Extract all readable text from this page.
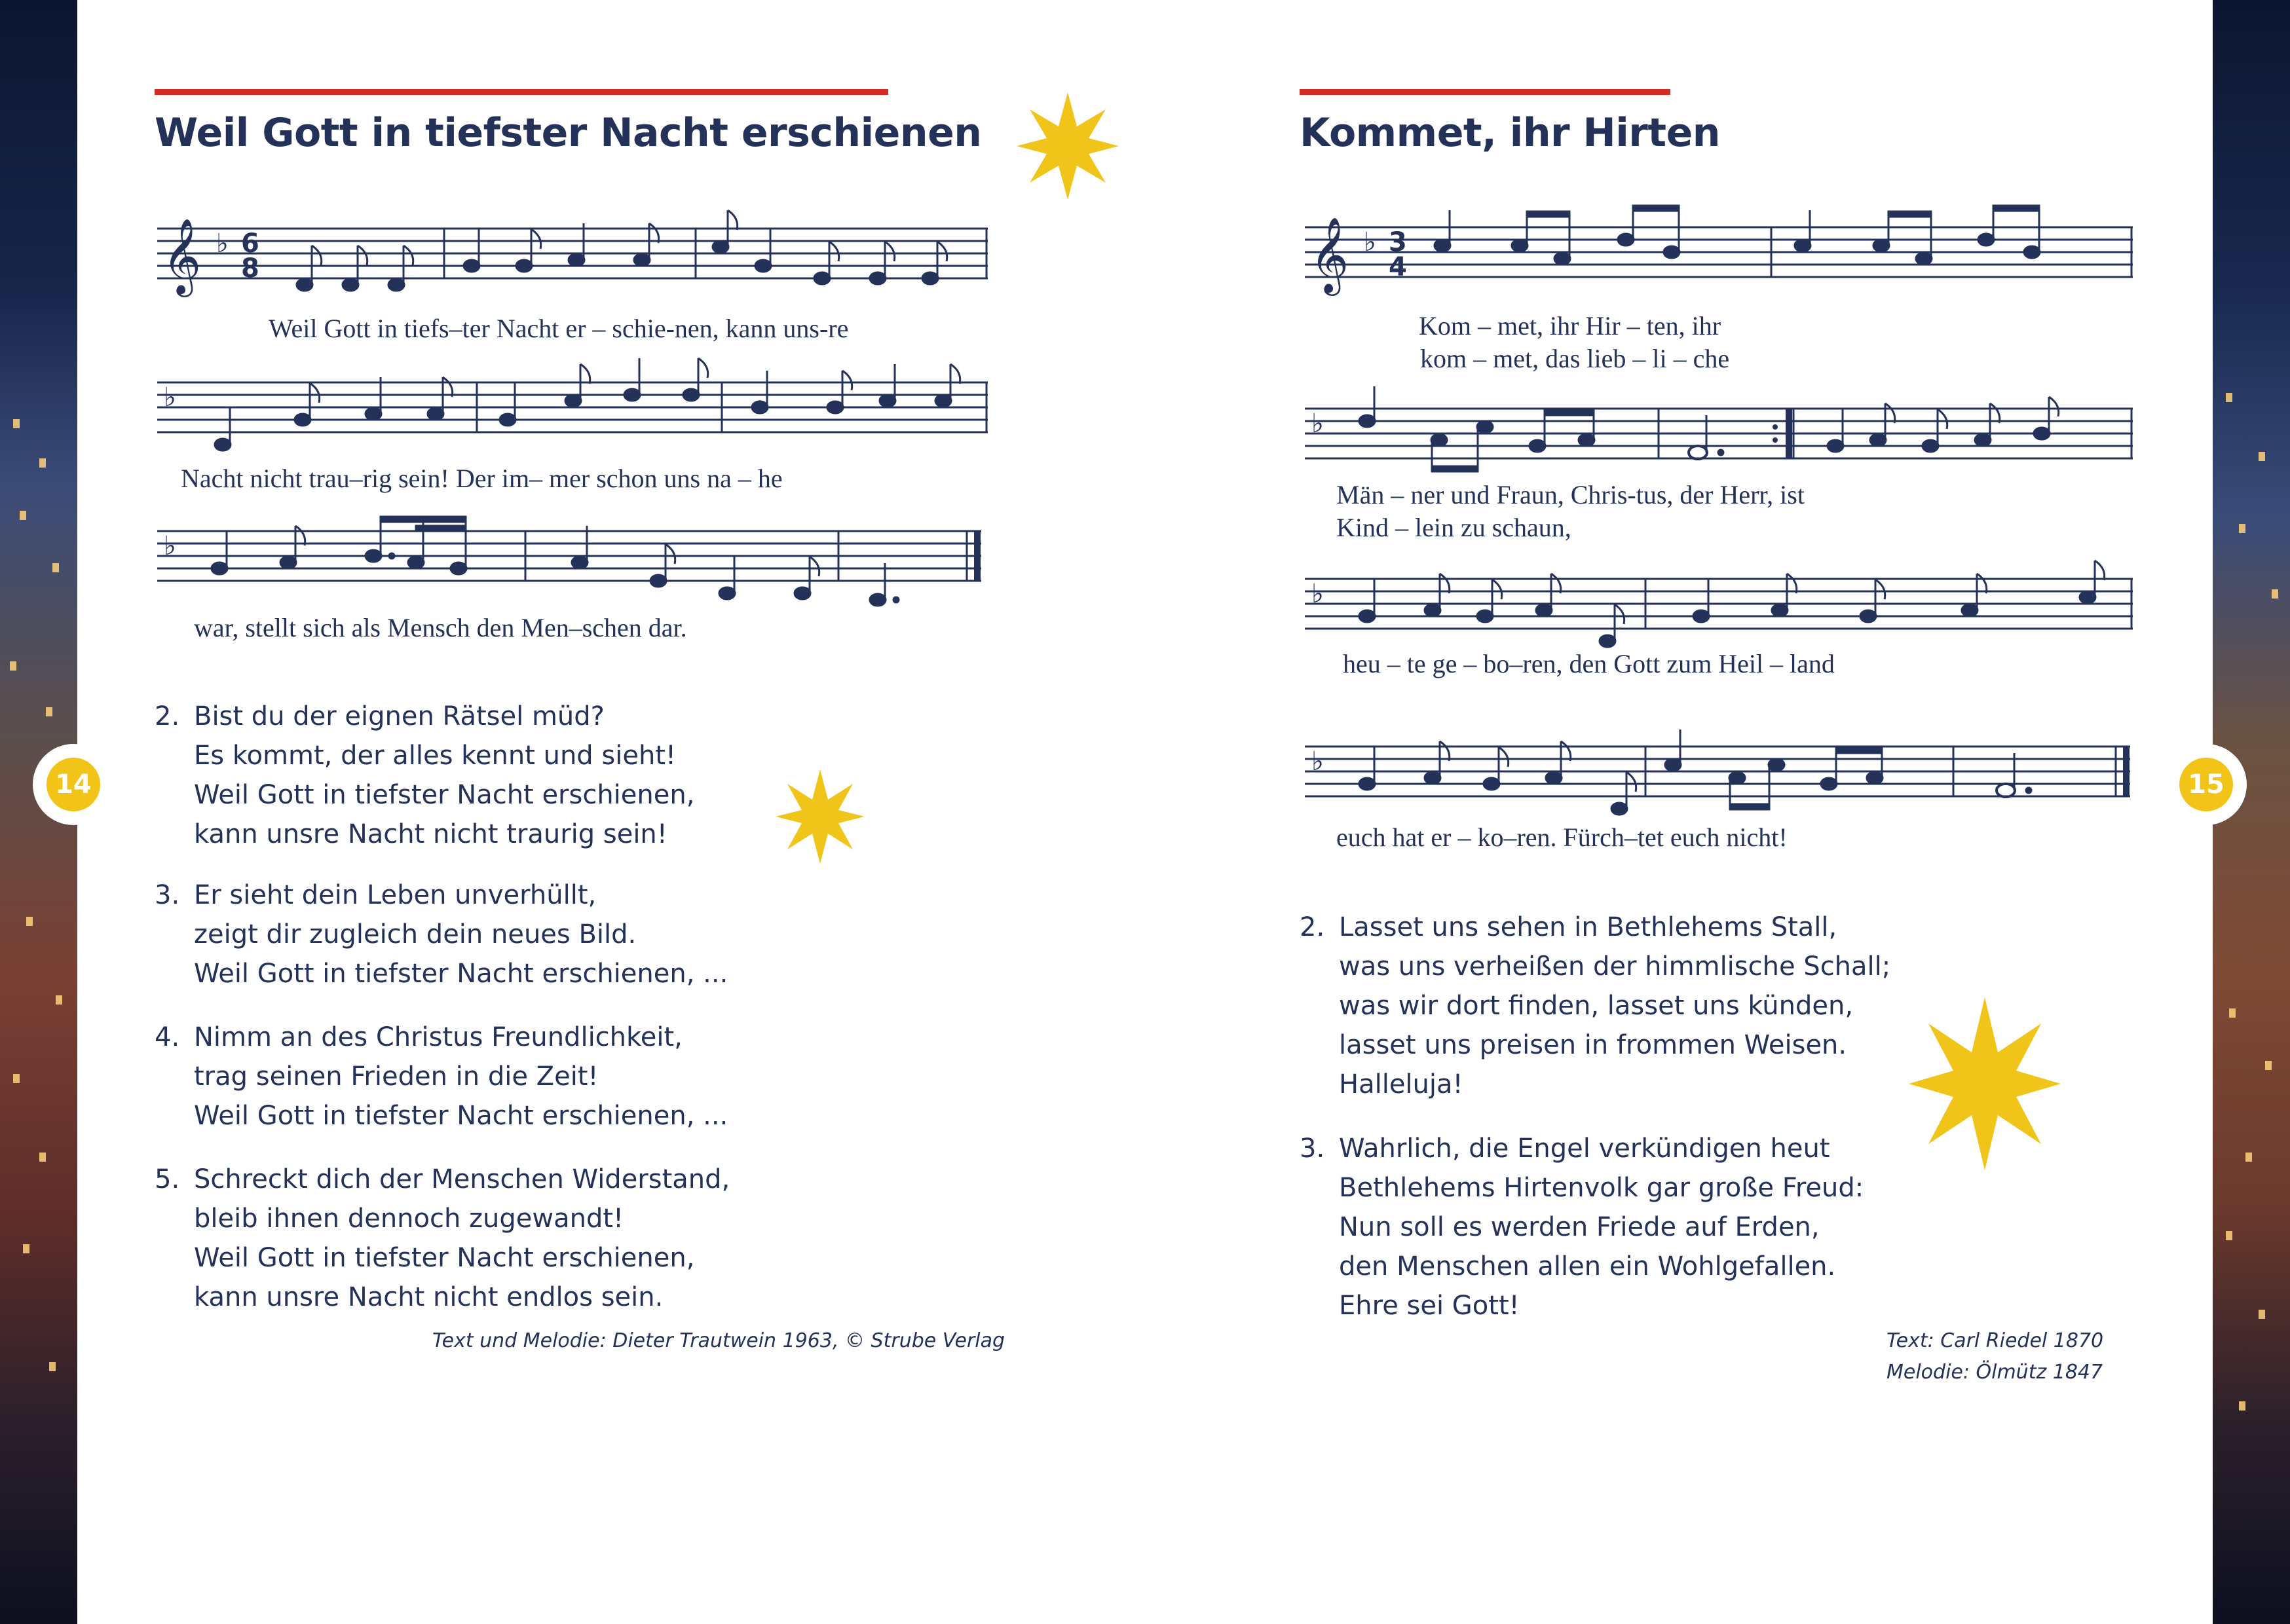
14	15
Weil Gott in tiefster Nacht erschienen
𝄞 ♭ 6
8
Weil Gott in tiefs–ter Nacht er – schie-nen, kann uns-re
♭
Nacht nicht trau–rig sein! Der im– mer schon uns na – he
♭
war, stellt sich als Mensch den Men–schen dar.
2. Bist du der eignen Rätsel müd?
Es kommt, der alles kennt und sieht!
Weil Gott in tiefster Nacht erschienen,
kann unsre Nacht nicht traurig sein!
3. Er sieht dein Leben unverhüllt,
zeigt dir zugleich dein neues Bild.
Weil Gott in tiefster Nacht erschienen, ...
4. Nimm an des Christus Freundlichkeit,
trag seinen Frieden in die Zeit!
Weil Gott in tiefster Nacht erschienen, ...
5. Schreckt dich der Menschen Widerstand,
bleib ihnen dennoch zugewandt!
Weil Gott in tiefster Nacht erschienen,
kann unsre Nacht nicht endlos sein.
Text und Melodie: Dieter Trautwein 1963, © Strube Verlag
Kommet, ihr Hirten
𝄞 ♭ 3
4
Kom – met, ihr Hir – ten, ihr
kom – met, das lieb – li – che
♭
Män – ner und Fraun, Chris-tus, der Herr, ist
Kind – lein zu schaun,
♭
heu – te ge – bo–ren, den Gott zum Heil – land
♭
euch hat er – ko–ren. Fürch–tet euch nicht!
2. Lasset uns sehen in Bethlehems Stall,
was uns verheißen der himmlische Schall;
was wir dort finden, lasset uns künden,
lasset uns preisen in frommen Weisen.
Halleluja!
3. Wahrlich, die Engel verkündigen heut
Bethlehems Hirtenvolk gar große Freud:
Nun soll es werden Friede auf Erden,
den Menschen allen ein Wohlgefallen.
Ehre sei Gott!
Text: Carl Riedel 1870
Melodie: Ölmütz 1847
